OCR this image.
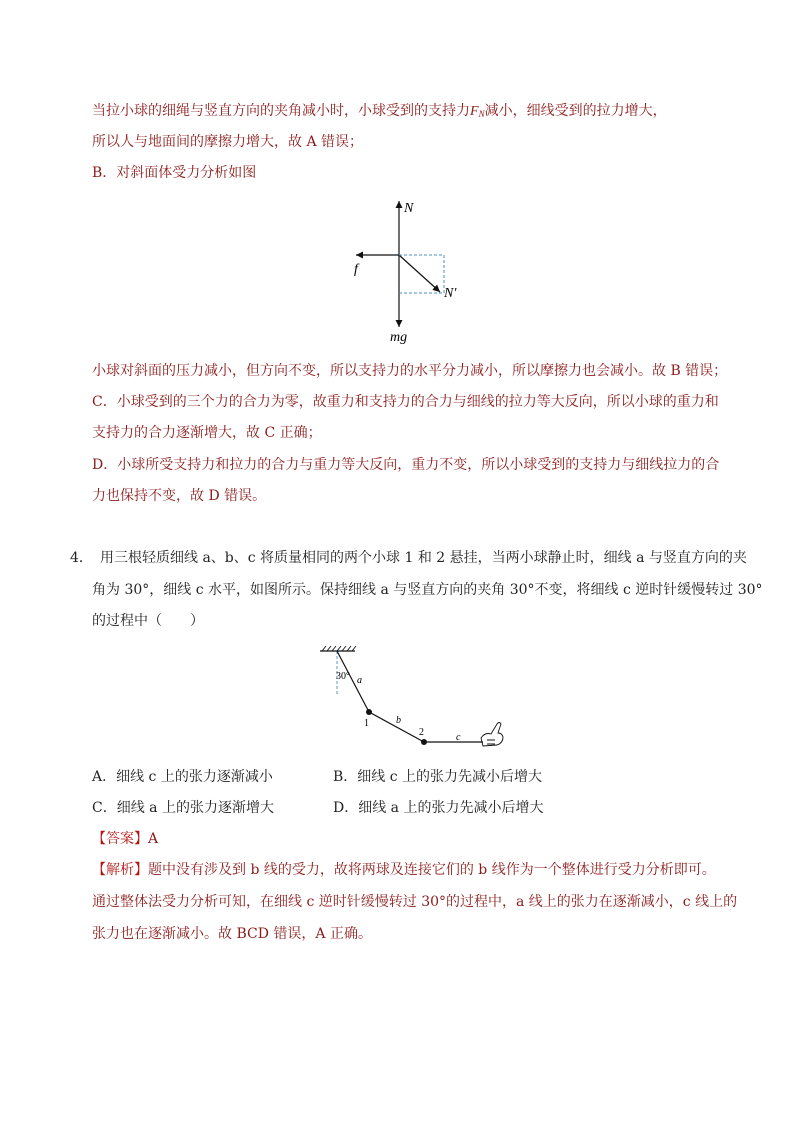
当拉小球的细绳与竖直方向的夹角减小时，小球受到的支持力$F_N$减小，细线受到的拉力增大，
所以人与地面间的摩擦力增大，故 A 错误；
B．对斜面体受力分析如图
N
f
N′
mg
小球对斜面的压力减小，但方向不变，所以支持力的水平分力减小，所以摩擦力也会减小。故 B 错误；
C．小球受到的三个力的合力为零，故重力和支持力的合力与细线的拉力等大反向，所以小球的重力和
支持力的合力逐渐增大，故 C 正确；
D．小球所受支持力和拉力的合力与重力等大反向，重力不变，所以小球受到的支持力与细线拉力的合
力也保持不变，故 D 错误。
4． 用三根轻质细线 a、b、c 将质量相同的两个小球 1 和 2 悬挂，当两小球静止时，细线 a 与竖直方向的夹
角为 30°，细线 c 水平，如图所示。保持细线 a 与竖直方向的夹角 30°不变，将细线 c 逆时针缓慢转过 30°
的过程中（　　）
30° a
b
c
1
2
A．细线 c 上的张力逐渐减小	B．细线 c 上的张力先减小后增大
C．细线 a 上的张力逐渐增大	D．细线 a 上的张力先减小后增大
【答案】A
【解析】题中没有涉及到 b 线的受力，故将两球及连接它们的 b 线作为一个整体进行受力分析即可。
通过整体法受力分析可知，在细线 c 逆时针缓慢转过 30°的过程中，a 线上的张力在逐渐减小，c 线上的
张力也在逐渐减小。故 BCD 错误，A 正确。
